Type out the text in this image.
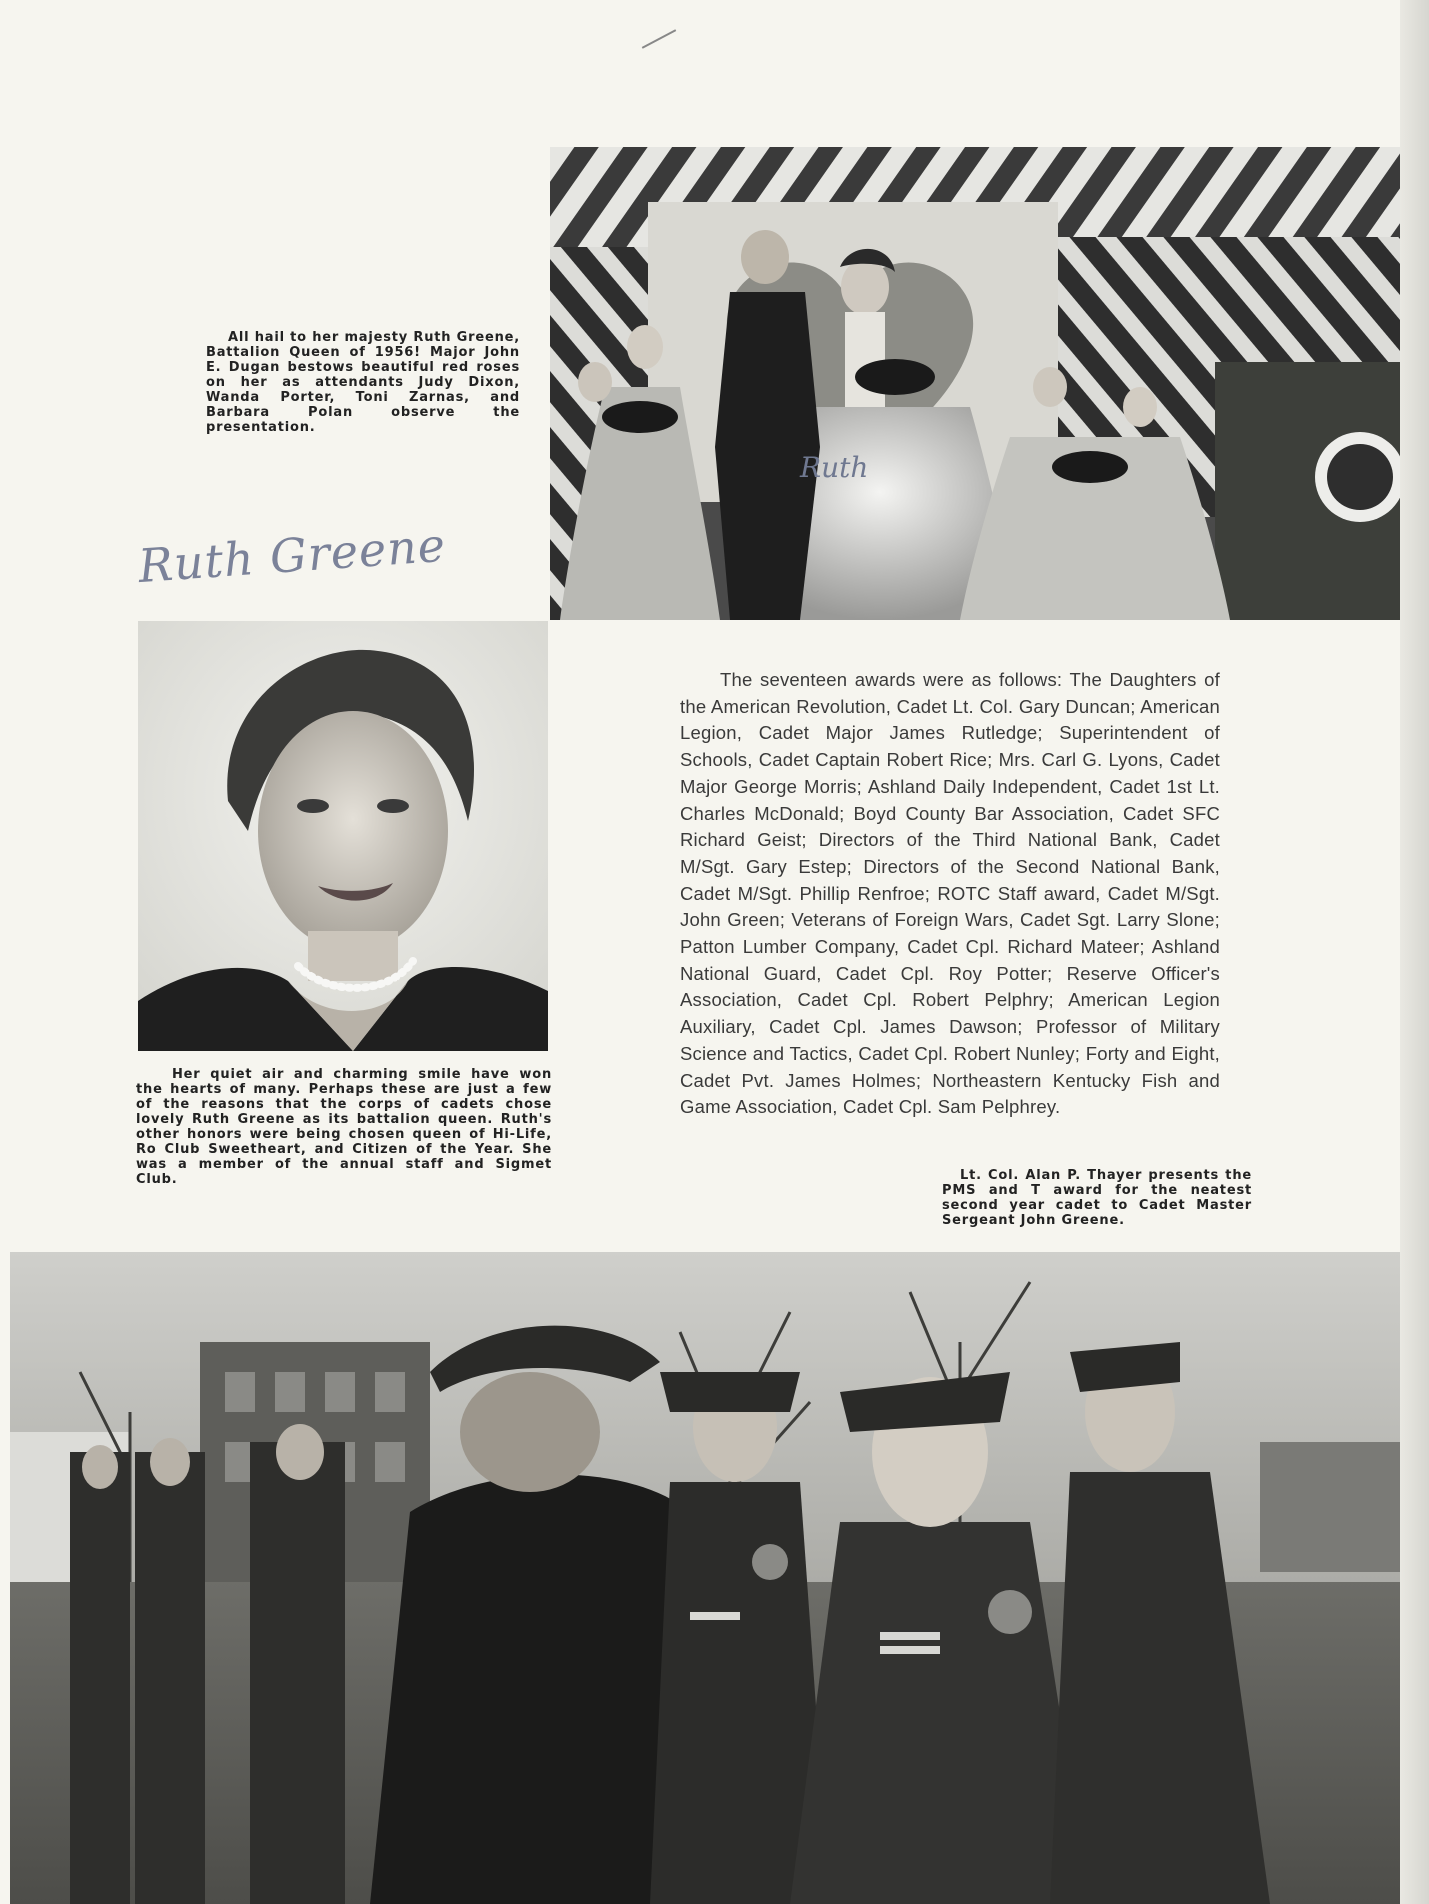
Ruth
All hail to her majesty Ruth Greene, Battalion Queen of 1956! Major John E. Dugan bestows beautiful red roses on her as attendants Judy Dixon, Wanda Porter, Toni Zarnas, and Barbara Polan observe the presentation.
Ruth Greene
Her quiet air and charming smile have won the hearts of many. Perhaps these are just a few of the reasons that the corps of cadets chose lovely Ruth Greene as its battalion queen. Ruth's other honors were being chosen queen of Hi-Life, Ro Club Sweetheart, and Citizen of the Year. She was a member of the annual staff and Sigmet Club.
The seventeen awards were as follows: The Daughters of the American Revolution, Cadet Lt. Col. Gary Duncan; American Legion, Cadet Major James Rutledge; Superintendent of Schools, Cadet Captain Robert Rice; Mrs. Carl G. Lyons, Cadet Major George Morris; Ashland Daily Independent, Cadet 1st Lt. Charles McDonald; Boyd County Bar Association, Cadet SFC Richard Geist; Directors of the Third National Bank, Cadet M/Sgt. Gary Estep; Directors of the Second National Bank, Cadet M/Sgt. Phillip Renfroe; ROTC Staff award, Cadet M/Sgt. John Green; Veterans of Foreign Wars, Cadet Sgt. Larry Slone; Patton Lumber Company, Cadet Cpl. Richard Mateer; Ashland National Guard, Cadet Cpl. Roy Potter; Reserve Officer's Association, Cadet Cpl. Robert Pelphry; American Legion Auxiliary, Cadet Cpl. James Dawson; Professor of Military Science and Tactics, Cadet Cpl. Robert Nunley; Forty and Eight, Cadet Pvt. James Holmes; Northeastern Kentucky Fish and Game Association, Cadet Cpl. Sam Pelphrey.
Lt. Col. Alan P. Thayer presents the PMS and T award for the neatest second year cadet to Cadet Master Sergeant John Greene.
